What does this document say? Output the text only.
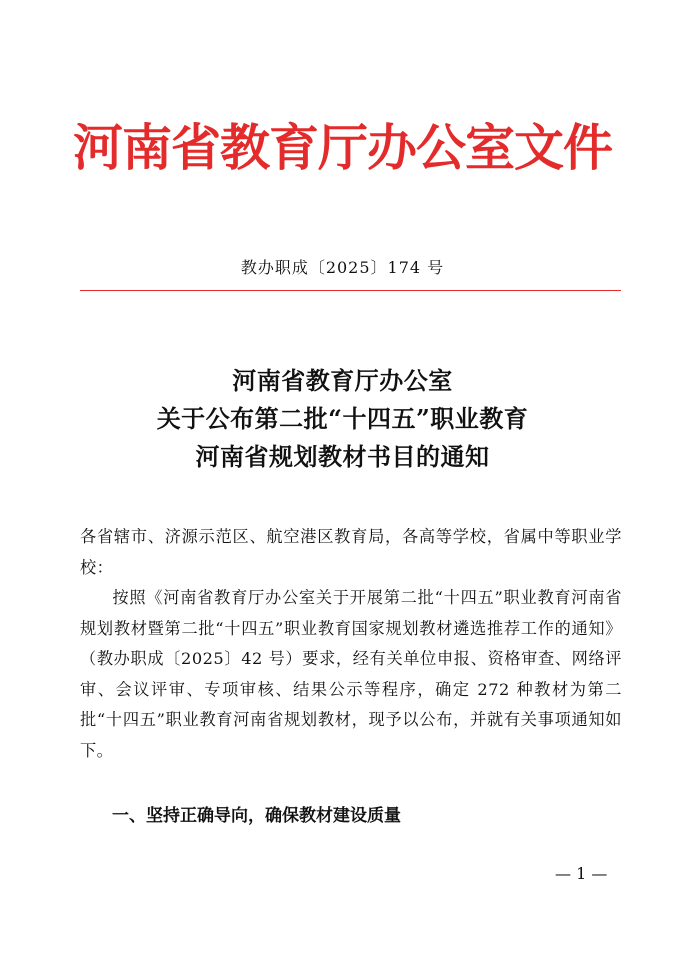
河南省教育厅办公室文件
教办职成〔2025〕174 号
河南省教育厅办公室
关于公布第二批“十四五”职业教育
河南省规划教材书目的通知

各省辖市、济源示范区、航空港区教育局，各高等学校，省属中等职业学校：

按照《河南省教育厅办公室关于开展第二批“十四五”职业教育河南省规划教材暨第二批“十四五”职业教育国家规划教材遴选推荐工作的通知》（教办职成〔2025〕42 号）要求，经有关单位申报、资格审查、网络评审、会议评审、专项审核、结果公示等程序，确定 272 种教材为第二批“十四五”职业教育河南省规划教材，现予以公布，并就有关事项通知如下。

一、坚持正确导向，确保教材建设质量
— 1 —
